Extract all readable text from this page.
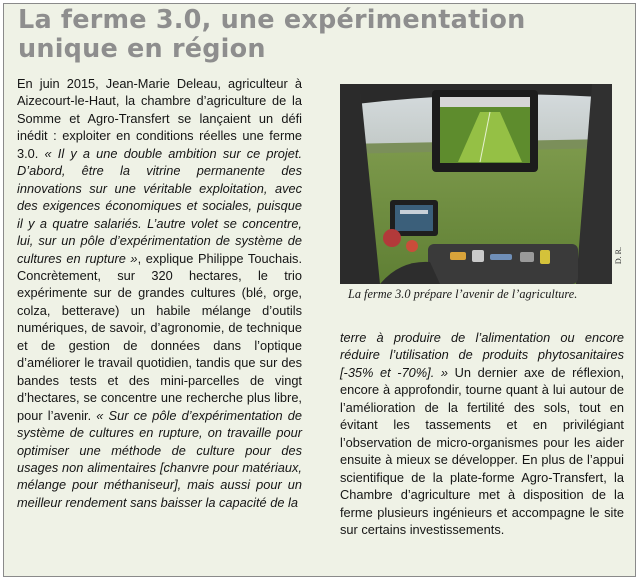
La ferme 3.0, une expérimentation
unique en région

En juin 2015, Jean-Marie Deleau, agriculteur à Aizecourt-le-Haut, la chambre d’agriculture de la Somme et Agro-Transfert se lançaient un défi inédit : exploiter en conditions réelles une ferme 3.0. « Il y a une double ambition sur ce projet. D’abord, être la vitrine permanente des innovations sur une véritable exploitation, avec des exigences économiques et sociales, puisque il y a quatre salariés. L’autre volet se concentre, lui, sur un pôle d’expérimentation de système de cultures en rupture », explique Philippe Touchais. Concrètement, sur 320 hectares, le trio expérimente sur de grandes cultures (blé, orge, colza, betterave) un habile mélange d’outils numériques, de savoir, d’agronomie, de technique et de gestion de données dans l’optique d’améliorer le travail quotidien, tandis que sur des bandes tests et des mini-parcelles de vingt d’hectares, se concentre une recherche plus libre, pour l’avenir. « Sur ce pôle d’expérimentation de système de cultures en rupture, on travaille pour optimiser une méthode de culture pour des usages non alimentaires [chanvre pour matériaux, mélange pour méthaniseur], mais aussi pour un meilleur rendement sans baisser la capacité de la

D. R.
La ferme 3.0 prépare l’avenir de l’agriculture.

terre à produire de l’alimentation ou encore réduire l’utilisation de produits phytosanitaires [-35% et -70%]. » Un dernier axe de réflexion, encore à approfondir, tourne quant à lui autour de l’amélioration de la fertilité des sols, tout en évitant les tassements et en privilégiant l’observation de micro-organismes pour les aider ensuite à mieux se développer. En plus de l’appui scientifique de la plate-forme Agro-Transfert, la Chambre d’agriculture met à disposition de la ferme plusieurs ingénieurs et accompagne le site sur certains investissements.
